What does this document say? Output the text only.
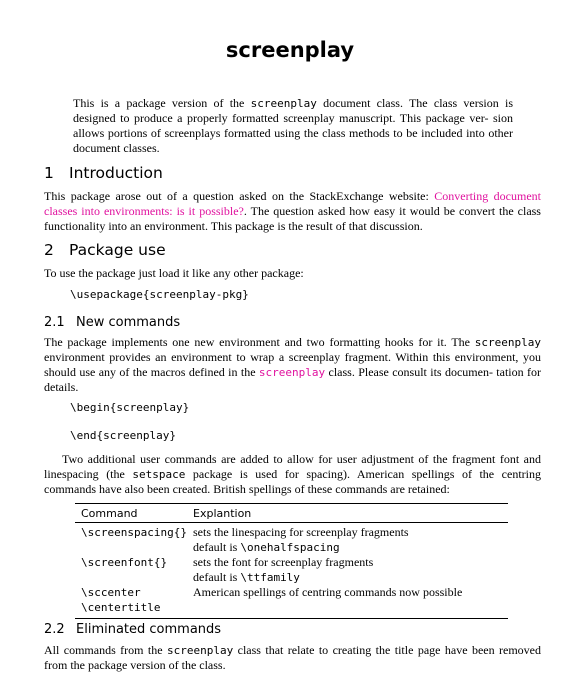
screenplay
This is a package version of the screenplay document class. The class version is designed to produce a properly formatted screenplay manuscript. This package ver- sion allows portions of screenplays formatted using the class methods to be included into other document classes.
1 Introduction
This package arose out of a question asked on the StackExchange website: Converting document classes into environments: is it possible?. The question asked how easy it would be convert the class functionality into an environment. This package is the result of that discussion.
2 Package use
To use the package just load it like any other package:
\usepackage{screenplay-pkg}
2.1 New commands
The package implements one new environment and two formatting hooks for it. The screenplay environment provides an environment to wrap a screenplay fragment. Within this environment, you should use any of the macros defined in the screenplay class. Please consult its documen- tation for details.
\begin{screenplay}
\end{screenplay}
Two additional user commands are added to allow for user adjustment of the fragment font and linespacing (the setspace package is used for spacing). American spellings of the centring commands have also been created. British spellings of these commands are retained:
Command	Explantion
\screenspacing{} sets the linespacing for screenplay fragments
default is \onehalfspacing
\screenfont{}	sets the font for screenplay fragments
default is \ttfamily
\sccenter
\centertitle
American spellings of centring commands now possible
2.2 Eliminated commands
All commands from the screenplay class that relate to creating the title page have been removed from the package version of the class.
